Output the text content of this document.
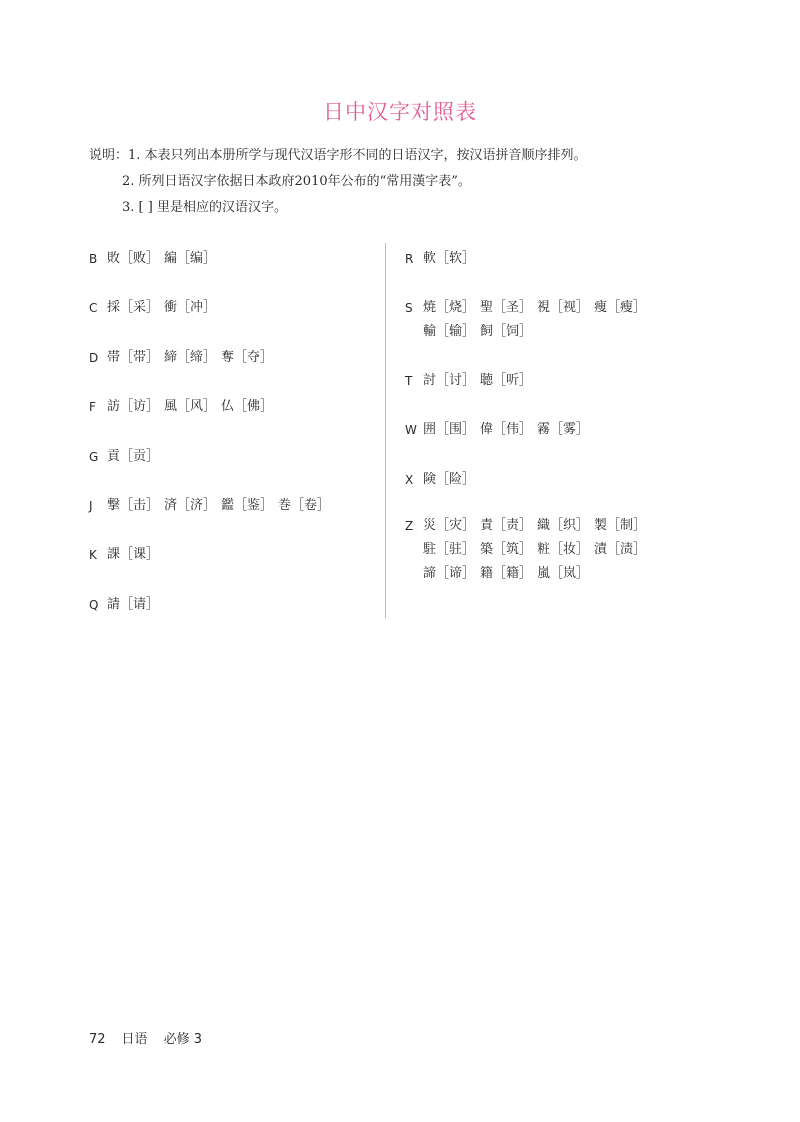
日中汉字对照表
说明：1. 本表只列出本册所学与现代汉语字形不同的日语汉字，按汉语拼音顺序排列。
2. 所列日语汉字依据日本政府2010年公布的“常用漢字表”。
3. [ ] 里是相应的汉语汉字。
B 敗［败］ 編［编］
C 採［采］ 衝［冲］
D 帯［带］ 締［缔］ 奪［夺］
F 訪［访］ 風［风］ 仏［佛］
G 貢［贡］
J 撃［击］ 済［济］ 鑑［鉴］ 巻［卷］
K 課［课］
Q 請［请］
R 軟［软］
S 焼［烧］ 聖［圣］ 視［视］ 痩［瘦］輸［输］ 飼［饲］
T 討［讨］ 聴［听］
W 囲［围］ 偉［伟］ 霧［雾］
X 険［险］
Z 災［灾］ 責［责］ 織［织］ 製［制］駐［驻］ 築［筑］ 粧［妆］ 漬［渍］諦［谛］ 籍［籍］ 嵐［岚］
72 日语 必修 3
